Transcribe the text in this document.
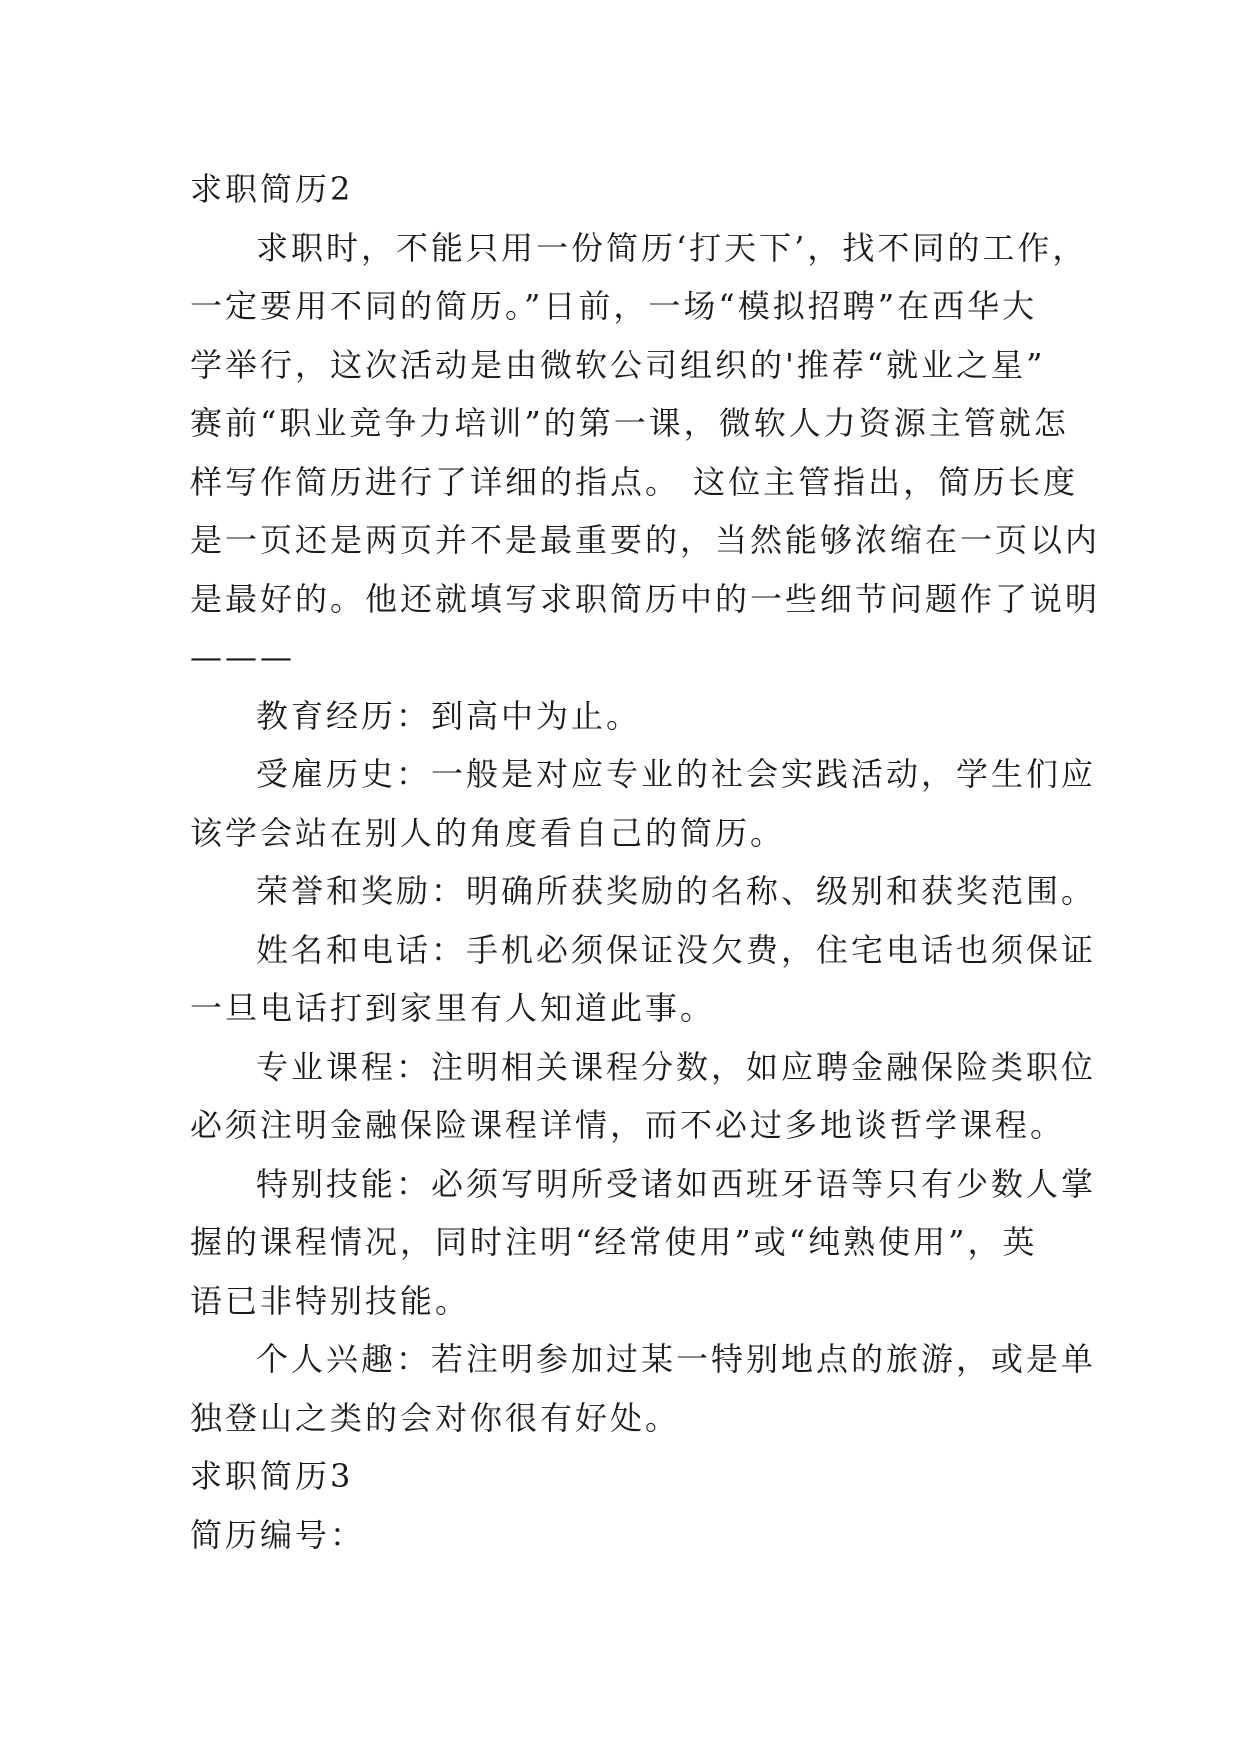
求职简历2

求职时，不能只用一份简历‘打天下’，找不同的工作，

一定要用不同的简历。”日前，一场“模拟招聘”在西华大

学举行，这次活动是由微软公司组织的'推荐“就业之星”

赛前“职业竞争力培训”的第一课，微软人力资源主管就怎

样写作简历进行了详细的指点。 这位主管指出，简历长度

是一页还是两页并不是最重要的，当然能够浓缩在一页以内

是最好的。他还就填写求职简历中的一些细节问题作了说明

———

教育经历：到高中为止。

受雇历史：一般是对应专业的社会实践活动，学生们应

该学会站在别人的角度看自己的简历。

荣誉和奖励：明确所获奖励的名称、级别和获奖范围。

姓名和电话：手机必须保证没欠费，住宅电话也须保证

一旦电话打到家里有人知道此事。

专业课程：注明相关课程分数，如应聘金融保险类职位

必须注明金融保险课程详情，而不必过多地谈哲学课程。

特别技能：必须写明所受诸如西班牙语等只有少数人掌

握的课程情况，同时注明“经常使用”或“纯熟使用”，英

语已非特别技能。

个人兴趣：若注明参加过某一特别地点的旅游，或是单

独登山之类的会对你很有好处。

求职简历3

简历编号：
